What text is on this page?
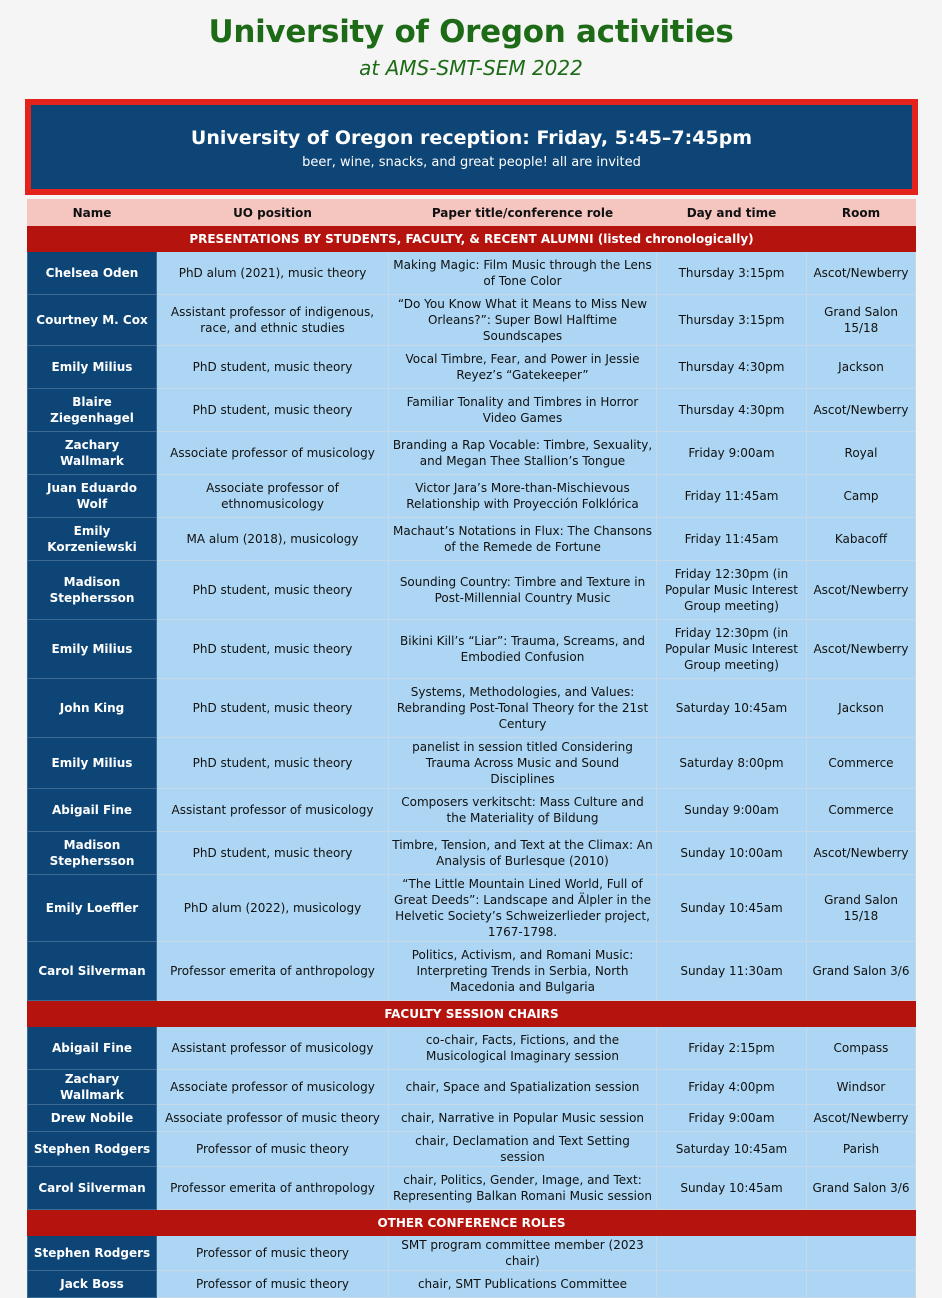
University of Oregon activities
at AMS-SMT-SEM 2022
University of Oregon reception: Friday, 5:45–7:45pm
beer, wine, snacks, and great people! all are invited
Name	UO position	Paper title/conference role	Day and time	Room
PRESENTATIONS BY STUDENTS, FACULTY, & RECENT ALUMNI (listed chronologically)				
Chelsea Oden	PhD alum (2021), music theory	Making Magic: Film Music through the Lens of Tone Color	Thursday 3:15pm	Ascot/Newberry
Courtney M. Cox	Assistant professor of indigenous, race, and ethnic studies	“Do You Know What it Means to Miss New Orleans?”: Super Bowl Halftime Soundscapes	Thursday 3:15pm	Grand Salon 15/18
Emily Milius	PhD student, music theory	Vocal Timbre, Fear, and Power in Jessie Reyez’s “Gatekeeper”	Thursday 4:30pm	Jackson
Blaire Ziegenhagel	PhD student, music theory	Familiar Tonality and Timbres in Horror Video Games	Thursday 4:30pm	Ascot/Newberry
Zachary Wallmark	Associate professor of musicology	Branding a Rap Vocable: Timbre, Sexuality, and Megan Thee Stallion’s Tongue	Friday 9:00am	Royal
Juan Eduardo Wolf	Associate professor of ethnomusicology	Victor Jara’s More-than-Mischievous Relationship with Proyección Folklórica	Friday 11:45am	Camp
Emily Korzeniewski	MA alum (2018), musicology	Machaut’s Notations in Flux: The Chansons of the Remede de Fortune	Friday 11:45am	Kabacoff
Madison Stephersson	PhD student, music theory	Sounding Country: Timbre and Texture in Post-Millennial Country Music	Friday 12:30pm (in Popular Music Interest Group meeting)	Ascot/Newberry
Emily Milius	PhD student, music theory	Bikini Kill’s “Liar”: Trauma, Screams, and Embodied Confusion	Friday 12:30pm (in Popular Music Interest Group meeting)	Ascot/Newberry
John King	PhD student, music theory	Systems, Methodologies, and Values: Rebranding Post-Tonal Theory for the 21st Century	Saturday 10:45am	Jackson
Emily Milius	PhD student, music theory	panelist in session titled Considering Trauma Across Music and Sound Disciplines	Saturday 8:00pm	Commerce
Abigail Fine	Assistant professor of musicology	Composers verkitscht: Mass Culture and the Materiality of Bildung	Sunday 9:00am	Commerce
Madison Stephersson	PhD student, music theory	Timbre, Tension, and Text at the Climax: An Analysis of Burlesque (2010)	Sunday 10:00am	Ascot/Newberry
Emily Loeffler	PhD alum (2022), musicology	“The Little Mountain Lined World, Full of Great Deeds”: Landscape and Älpler in the Helvetic Society’s Schweizerlieder project, 1767-1798.	Sunday 10:45am	Grand Salon 15/18
Carol Silverman	Professor emerita of anthropology	Politics, Activism, and Romani Music: Interpreting Trends in Serbia, North Macedonia and Bulgaria	Sunday 11:30am	Grand Salon 3/6
FACULTY SESSION CHAIRS				
Abigail Fine	Assistant professor of musicology	co-chair, Facts, Fictions, and the Musicological Imaginary session	Friday 2:15pm	Compass
Zachary Wallmark	Associate professor of musicology	chair, Space and Spatialization session	Friday 4:00pm	Windsor
Drew Nobile	Associate professor of music theory	chair, Narrative in Popular Music session	Friday 9:00am	Ascot/Newberry
Stephen Rodgers	Professor of music theory	chair, Declamation and Text Setting session	Saturday 10:45am	Parish
Carol Silverman	Professor emerita of anthropology	chair, Politics, Gender, Image, and Text: Representing Balkan Romani Music session	Sunday 10:45am	Grand Salon 3/6
OTHER CONFERENCE ROLES				
Stephen Rodgers	Professor of music theory	SMT program committee member (2023 chair)		
Jack Boss	Professor of music theory	chair, SMT Publications Committee		
